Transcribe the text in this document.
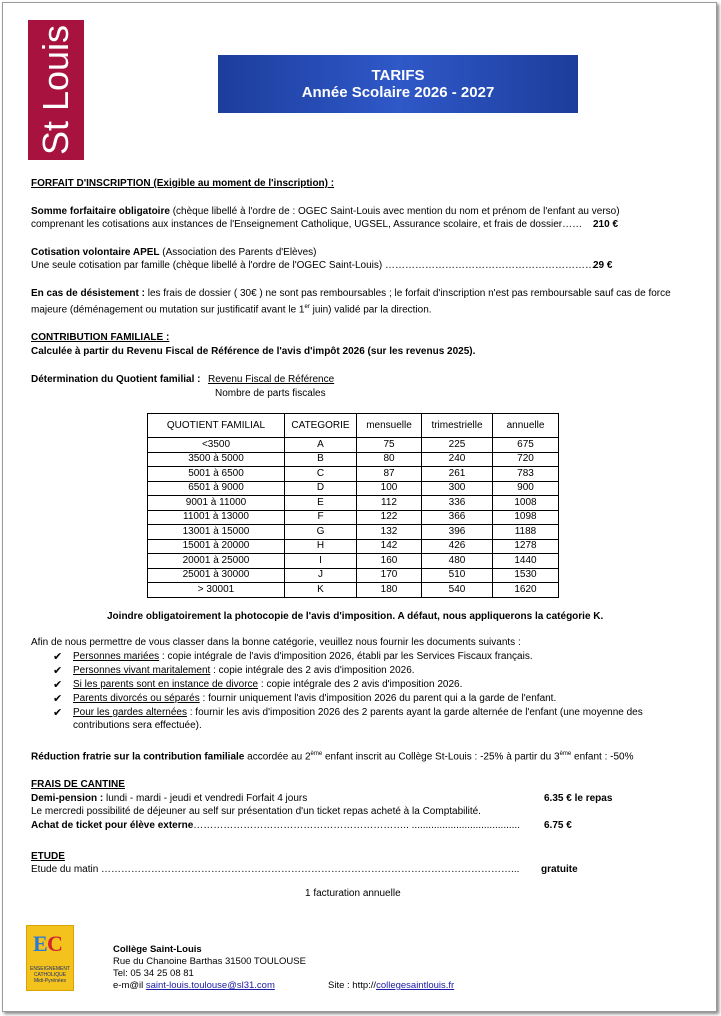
St Louis	TARIFS
Année Scolaire 2026 - 2027
FORFAIT D'INSCRIPTION (Exigible au moment de l'inscription) :
Somme forfaitaire obligatoire (chèque libellé à l'ordre de : OGEC Saint-Louis avec mention du nom et prénom de l'enfant au verso)
comprenant les cotisations aux instances de l'Enseignement Catholique, UGSEL, Assurance scolaire, et frais de dossier…… 210 €
Cotisation volontaire APEL (Association des Parents d'Elèves)
Une seule cotisation par famille (chèque libellé à l'ordre de l'OGEC Saint-Louis) ………………………………………………………
29 €
En cas de désistement : les frais de dossier ( 30€ ) ne sont pas remboursables ; le forfait d'inscription n'est pas remboursable sauf cas de force
majeure (déménagement ou mutation sur justificatif avant le 1er juin) validé par la direction.
CONTRIBUTION FAMILIALE :
Calculée à partir du Revenu Fiscal de Référence de l'avis d'impôt 2026 (sur les revenus 2025).
Détermination du Quotient familial : Revenu Fiscal de Référence
Nombre de parts fiscales
QUOTIENT FAMILIAL	CATEGORIE	mensuelle	trimestrielle	annuelle
<3500	A	75	225	675
3500 à 5000	B	80	240	720
5001 à 6500	C	87	261	783
6501 à 9000	D	100	300	900
9001 à 11000	E	112	336	1008
11001 à 13000	F	122	366	1098
13001 à 15000	G	132	396	1188
15001 à 20000	H	142	426	1278
20001 à 25000	I	160	480	1440
25001 à 30000	J	170	510	1530
> 30001	K	180	540	1620
Joindre obligatoirement la photocopie de l'avis d'imposition. A défaut, nous appliquerons la catégorie K.
Afin de nous permettre de vous classer dans la bonne catégorie, veuillez nous fournir les documents suivants :
✔ Personnes mariées : copie intégrale de l'avis d'imposition 2026, établi par les Services Fiscaux français.
✔ Personnes vivant maritalement : copie intégrale des 2 avis d'imposition 2026.
✔ Si les parents sont en instance de divorce : copie intégrale des 2 avis d'imposition 2026.
✔ Parents divorcés ou séparés : fournir uniquement l'avis d'imposition 2026 du parent qui a la garde de l'enfant.
✔ Pour les gardes alternées : fournir les avis d'imposition 2026 des 2 parents ayant la garde alternée de l'enfant (une moyenne des
contributions sera effectuée).
Réduction fratrie sur la contribution familiale accordée au 2ème enfant inscrit au Collège St-Louis : -25% à partir du 3ème enfant : -50%
FRAIS DE CANTINE
Demi-pension : lundi - mardi - jeudi et vendredi Forfait 4 jours	6.35 € le repas
Le mercredi possibilité de déjeuner au self sur présentation d'un ticket repas acheté à la Comptabilité.
Achat de ticket pour élève externe……………………………………………………….. ....................................... 6.75 €
ETUDE
Etude du matin ……………………………………………………………………………………………………………... gratuite
1 facturation annuelle
E C
ENSEIGNEMENT
CATHOLIQUE
Midi-Pyrénées
Collège Saint-Louis
Rue du Chanoine Barthas 31500 TOULOUSE
Tel: 05 34 25 08 81
e-m@il saint-louis.toulouse@sl31.com	Site : http://collegesaintlouis.fr
